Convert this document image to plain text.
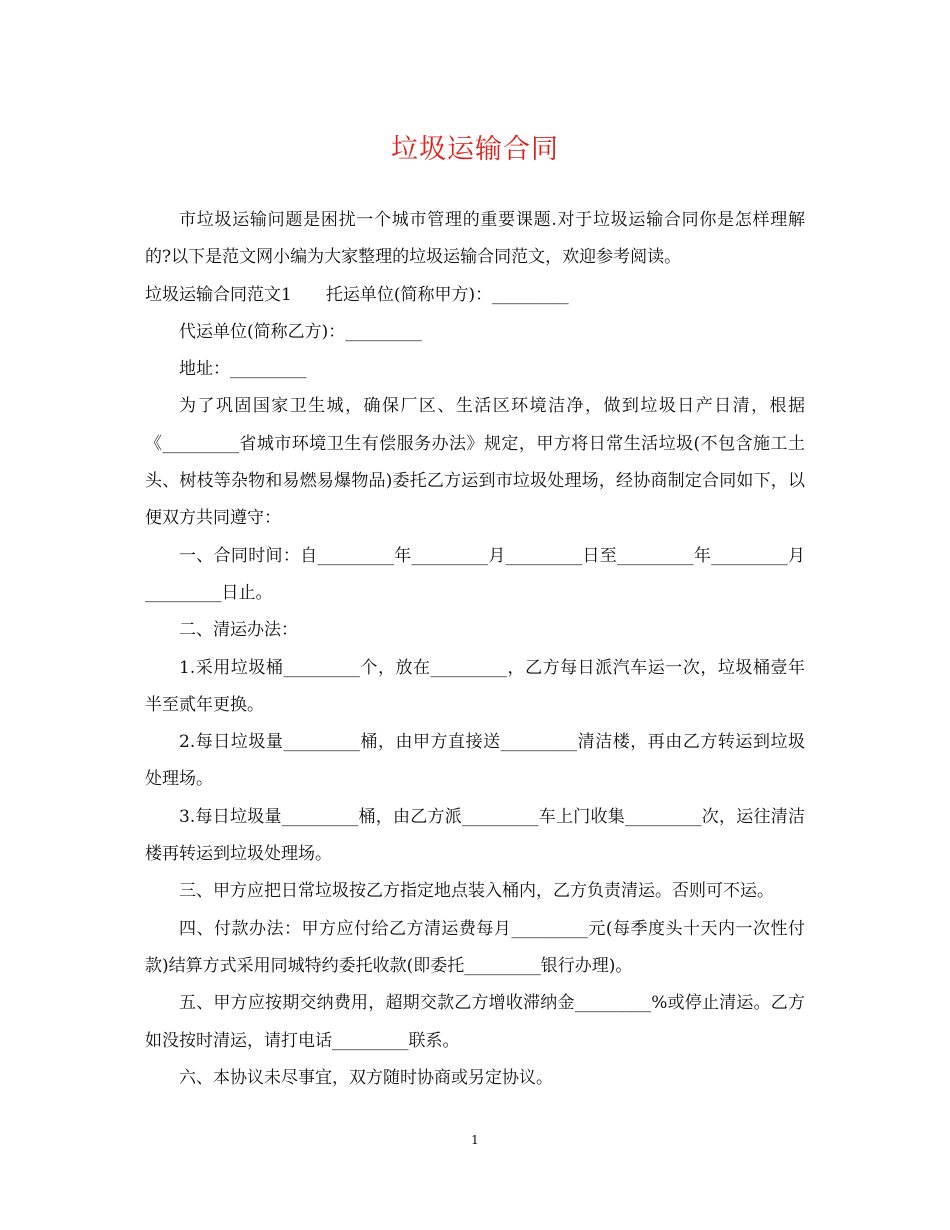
垃圾运输合同

市垃圾运输问题是困扰一个城市管理的重要课题.对于垃圾运输合同你是怎样理解的?以下是范文网小编为大家整理的垃圾运输合同范文，欢迎参考阅读。

垃圾运输合同范文1　　托运单位(简称甲方)：_________

代运单位(简称乙方)：_________

地址：_________

为了巩固国家卫生城，确保厂区、生活区环境洁净，做到垃圾日产日清，根据《_________省城市环境卫生有偿服务办法》规定，甲方将日常生活垃圾(不包含施工土头、树枝等杂物和易燃易爆物品)委托乙方运到市垃圾处理场，经协商制定合同如下，以便双方共同遵守：

一、合同时间：自_________年_________月_________日至_________年_________月_________日止。

二、清运办法：

1.采用垃圾桶_________个，放在_________，乙方每日派汽车运一次，垃圾桶壹年半至贰年更换。

2.每日垃圾量_________桶，由甲方直接送_________清洁楼，再由乙方转运到垃圾处理场。

3.每日垃圾量_________桶，由乙方派_________车上门收集_________次，运往清洁楼再转运到垃圾处理场。

三、甲方应把日常垃圾按乙方指定地点装入桶内，乙方负责清运。否则可不运。

四、付款办法：甲方应付给乙方清运费每月_________元(每季度头十天内一次性付款)结算方式采用同城特约委托收款(即委托_________银行办理)。

五、甲方应按期交纳费用，超期交款乙方增收滞纳金_________%或停止清运。乙方如没按时清运，请打电话_________联系。

六、本协议未尽事宜，双方随时协商或另定协议。

1
